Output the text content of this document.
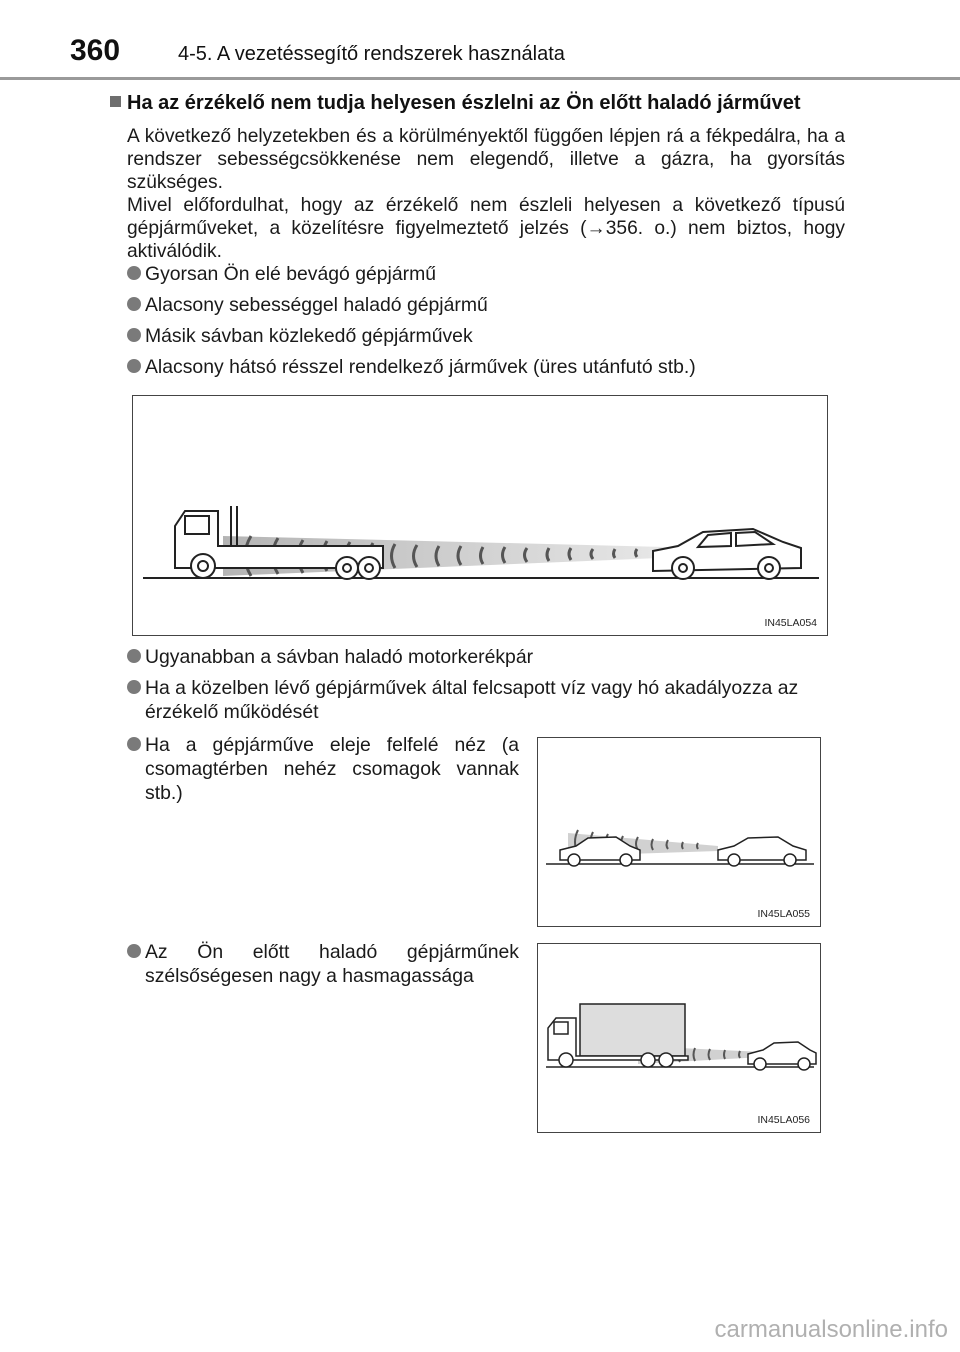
360	4-5. A vezetéssegítő rendszerek használata
Ha az érzékelő nem tudja helyesen észlelni az Ön előtt haladó járművet

A következő helyzetekben és a körülményektől függően lépjen rá a fékpedálra, ha a rendszer sebességcsökkenése nem elegendő, illetve a gázra, ha gyorsítás szükséges.

Mivel előfordulhat, hogy az érzékelő nem észleli helyesen a következő típusú gépjárműveket, a közelítésre figyelmeztető jelzés (→356. o.) nem biztos, hogy aktiválódik.

Gyorsan Ön elé bevágó gépjármű
Alacsony sebességgel haladó gépjármű
Másik sávban közlekedő gépjárművek
Alacsony hátsó résszel rendelkező járművek (üres utánfutó stb.)
IN45LA054
Ugyanabban a sávban haladó motorkerékpár
Ha a közelben lévő gépjárművek által felcsapott víz vagy hó akadályozza az érzékelő működését
Ha a gépjárműve eleje felfelé néz (a csomagtérben nehéz csomagok vannak stb.)
IN45LA055
Az Ön előtt haladó gépjárműnek szélsőségesen nagy a hasmagassága
IN45LA056
carmanualsonline.info
